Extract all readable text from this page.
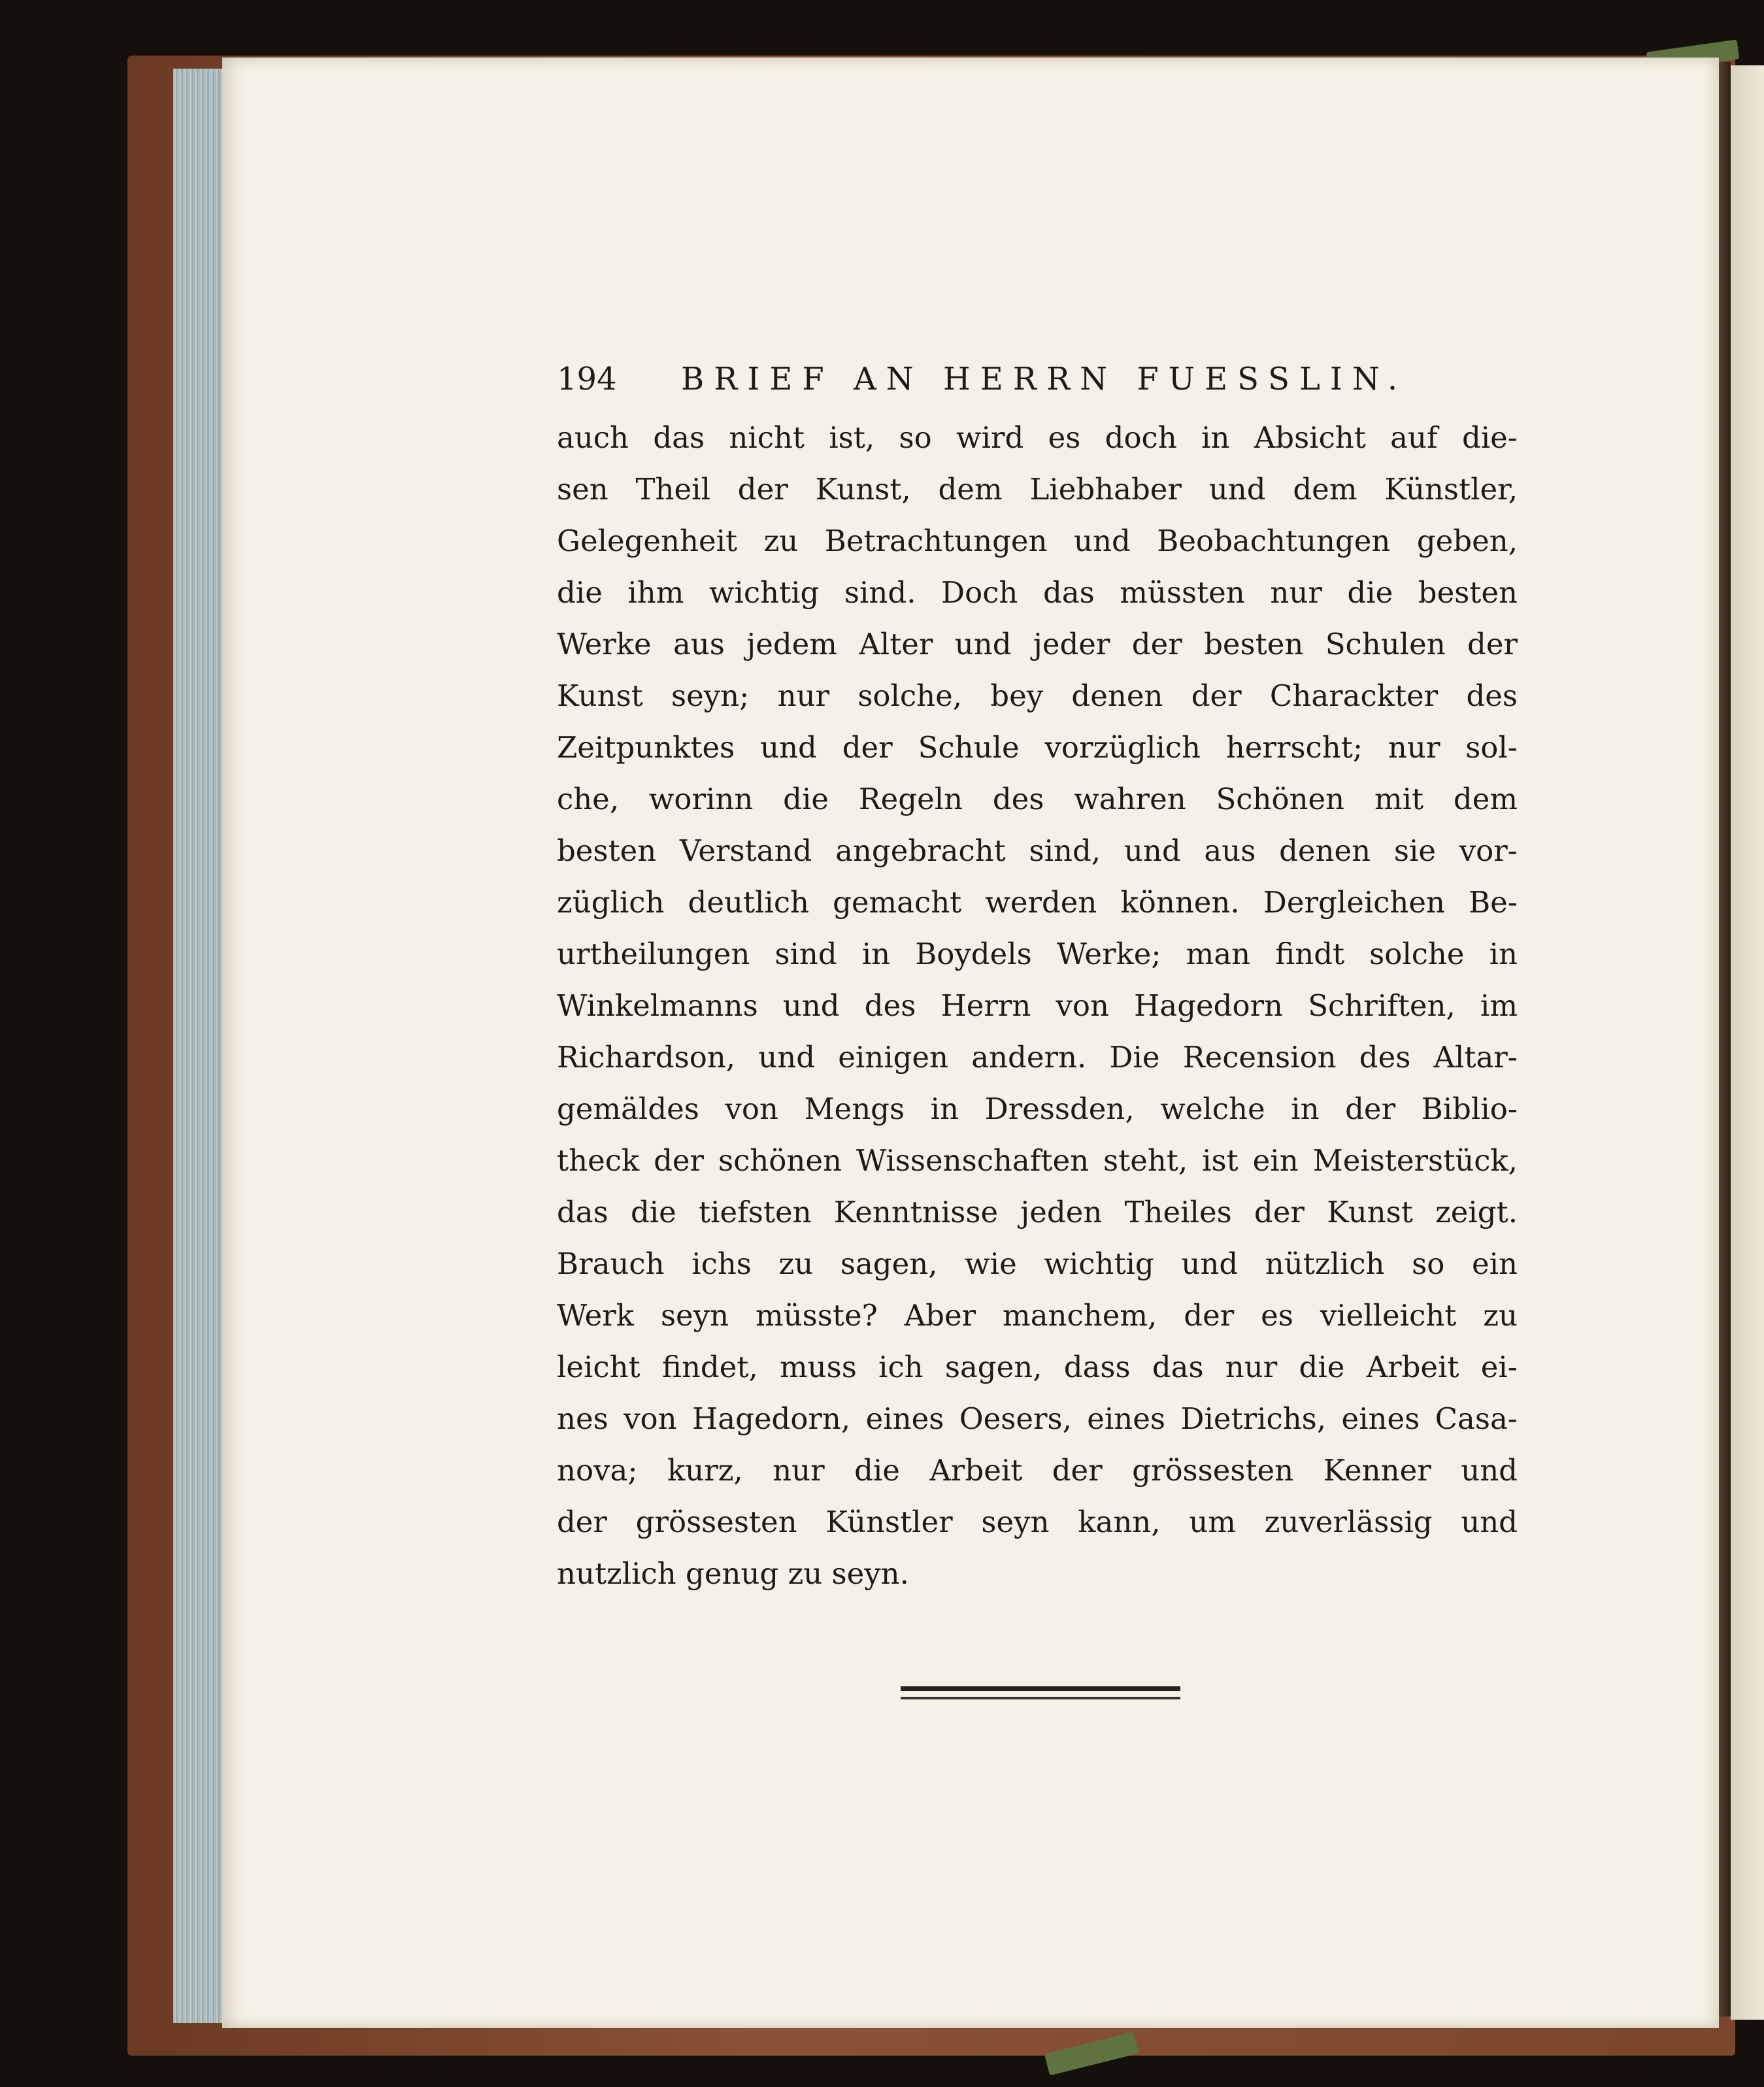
194 BRIEF AN HERRN FUESSLIN.
auch das nicht ist, so wird es doch in Absicht auf die-
sen Theil der Kunst, dem Liebhaber und dem Künstler,
Gelegenheit zu Betrachtungen und Beobachtungen geben,
die ihm wichtig sind. Doch das müssten nur die besten
Werke aus jedem Alter und jeder der besten Schulen der
Kunst seyn; nur solche, bey denen der Charackter des
Zeitpunktes und der Schule vorzüglich herrscht; nur sol-
che, worinn die Regeln des wahren Schönen mit dem
besten Verstand angebracht sind, und aus denen sie vor-
züglich deutlich gemacht werden können. Dergleichen Be-
urtheilungen sind in Boydels Werke; man findt solche in
Winkelmanns und des Herrn von Hagedorn Schriften, im
Richardson, und einigen andern. Die Recension des Altar-
gemäldes von Mengs in Dressden, welche in der Biblio-
theck der schönen Wissenschaften steht, ist ein Meisterstück,
das die tiefsten Kenntnisse jeden Theiles der Kunst zeigt.
Brauch ichs zu sagen, wie wichtig und nützlich so ein
Werk seyn müsste? Aber manchem, der es vielleicht zu
leicht findet, muss ich sagen, dass das nur die Arbeit ei-
nes von Hagedorn, eines Oesers, eines Dietrichs, eines Casa-
nova; kurz, nur die Arbeit der grössesten Kenner und
der grössesten Künstler seyn kann, um zuverlässig und
nutzlich genug zu seyn.
